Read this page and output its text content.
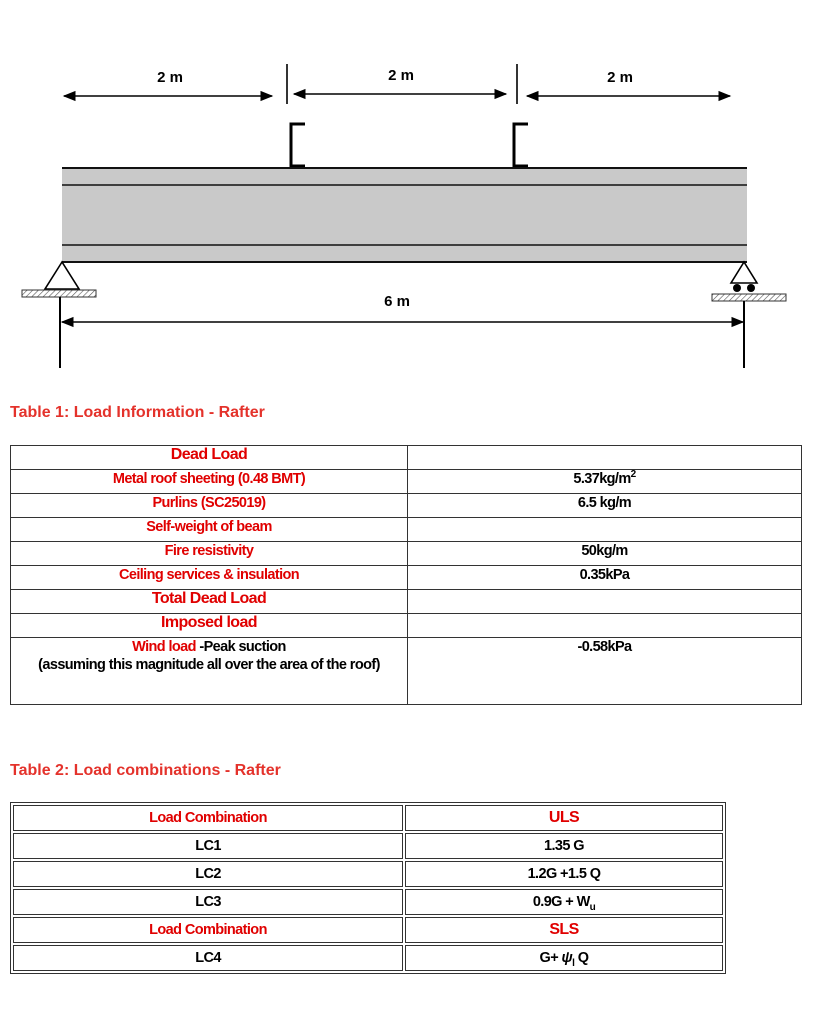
2 m	2 m	2 m
6 m
Table 1: Load Information - Rafter
Dead Load	
Metal roof sheeting (0.48 BMT)	$5.37kg/m^2$
Purlins (SC25019)	6.5 kg/m
Self-weight of beam	
Fire resistivity	50kg/m
Ceiling services & insulation	0.35kPa
Total Dead Load	
Imposed load	
Wind load -Peak suction
(assuming this magnitude all over the area of the roof)	-0.58kPa
Table 2: Load combinations - Rafter
Load Combination	ULS
LC1	1.35 G
LC2	1.2G +1.5 Q
LC3	$0.9G + W_u$
Load Combination	SLS
LC4	$G+ \psi_l$ Q
